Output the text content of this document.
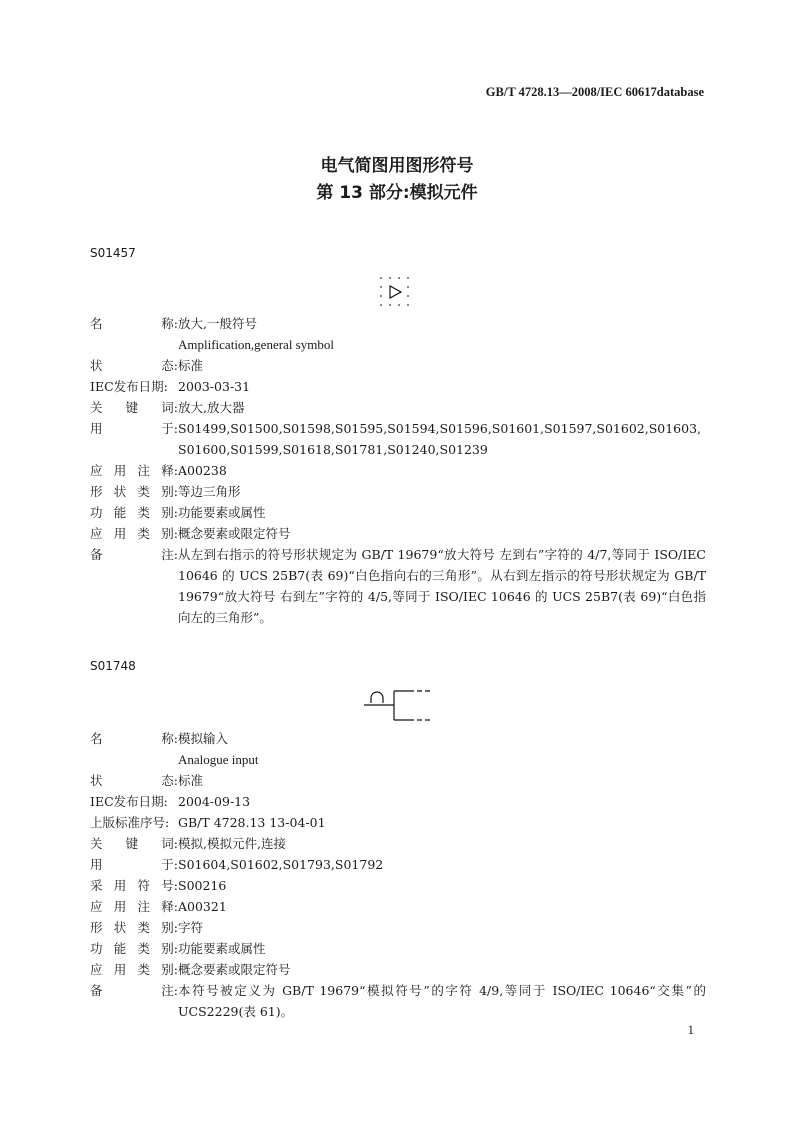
GB/T 4728.13—2008/IEC 60617database
电气简图用图形符号
第 13 部分:模拟元件
S01457
名	称: 放大,一般符号
Amplification,general symbol
状	态: 标准
IEC发布日期: 2003-03-31
关 键 词: 放大,放大器
用	于: S01499,S01500,S01598,S01595,S01594,S01596,S01601,S01597,S01602,S01603,
S01600,S01599,S01618,S01781,S01240,S01239
应 用 注 释: A00238
形 状 类 别: 等边三角形
功 能 类 别: 功能要素或属性
应 用 类 别: 概念要素或限定符号
备	注: 从左到右指示的符号形状规定为 GB/T 19679“放大符号 左到右”字符的 4/7,等同于 ISO/IEC 10646 的 UCS 25B7(表 69)“白色指向右的三角形”。从右到左指示的符号形状规定为 GB/T 19679“放大符号 右到左”字符的 4/5,等同于 ISO/IEC 10646 的 UCS 25B7(表 69)“白色指向左的三角形”。
S01748
名	称: 模拟输入
Analogue input
状	态: 标准
IEC发布日期: 2004-09-13
上版标准序号: GB/T 4728.13 13-04-01
关 键 词: 模拟,模拟元件,连接
用	于: S01604,S01602,S01793,S01792
采 用 符 号: S00216
应 用 注 释: A00321
形 状 类 别: 字符
功 能 类 别: 功能要素或属性
应 用 类 别: 概念要素或限定符号
备	注: 本符号被定义为 GB/T 19679“模拟符号”的字符 4/9,等同于 ISO/IEC 10646“交集”的 UCS2229(表 61)。
1
